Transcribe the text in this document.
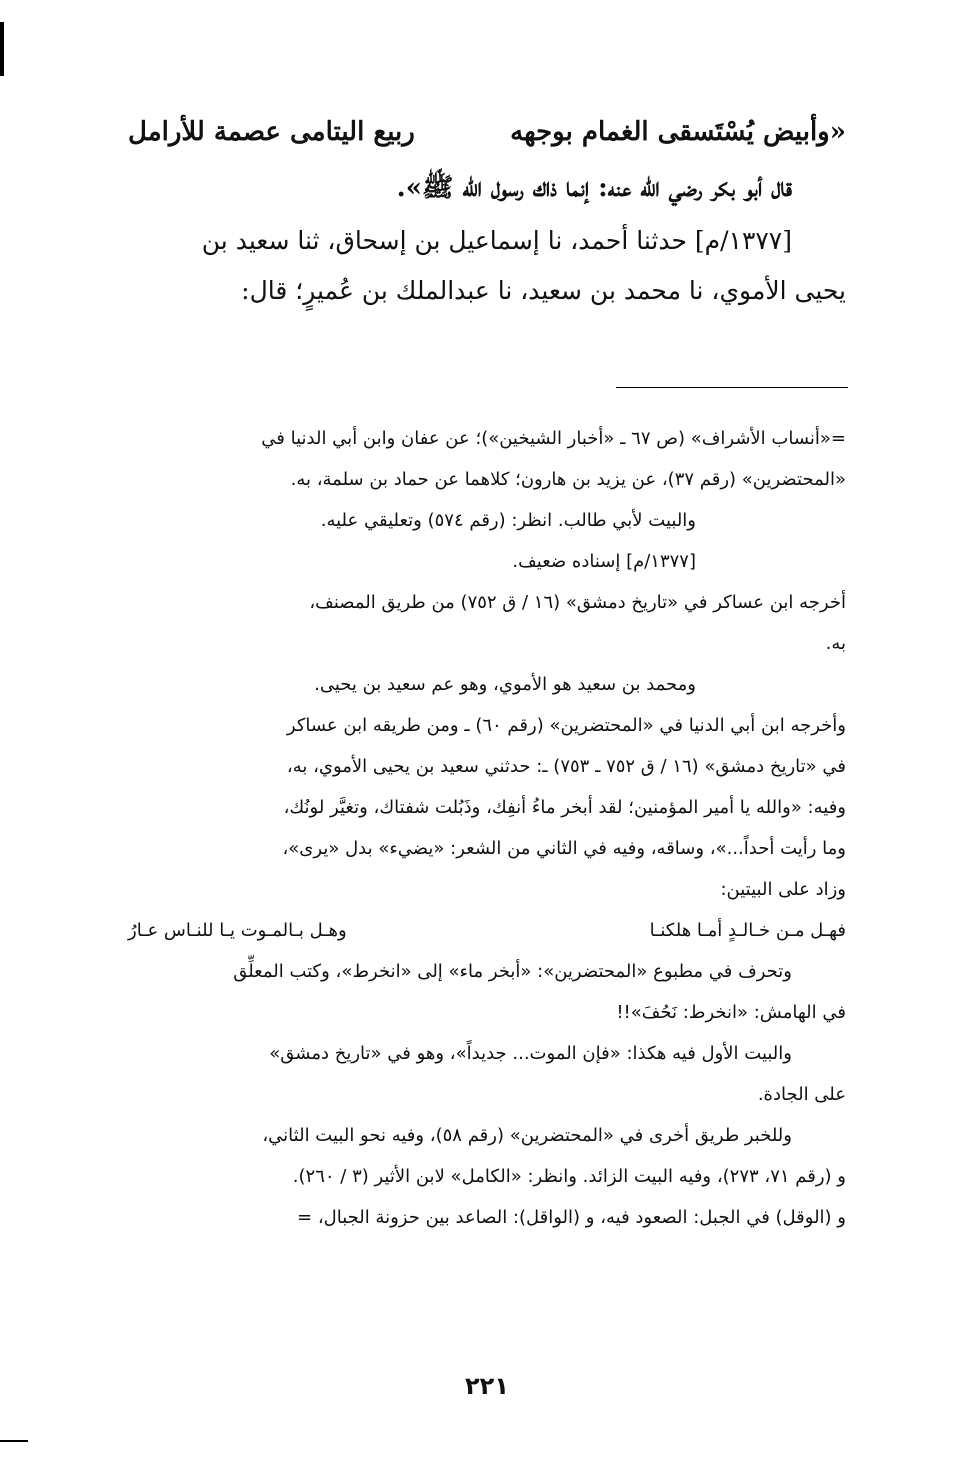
«وأبيض يُسْتَسقى الغمام بوجهه
ربيع اليتامى عصمة للأرامل

قال أبو بكر رضي الله عنه: إنما ذاك رسول الله ﷺ».

[١٣٧٧/م] حدثنا أحمد، نا إسماعيل بن إسحاق، ثنا سعيد بن

يحيى الأموي، نا محمد بن سعيد، نا عبدالملك بن عُميرٍ؛ قال:

=«أنساب الأشراف» (ص ٦٧ ـ «أخبار الشيخين»)؛ عن عفان وابن أبي الدنيا في

«المحتضرين» (رقم ٣٧)، عن يزيد بن هارون؛ كلاهما عن حماد بن سلمة، به.

والبيت لأبي طالب. انظر: (رقم ٥٧٤) وتعليقي عليه.

[١٣٧٧/م] إسناده ضعيف.

أخرجه ابن عساكر في «تاريخ دمشق» (١٦ / ق ٧٥٢) من طريق المصنف،

به.

ومحمد بن سعيد هو الأموي، وهو عم سعيد بن يحيى.

وأخرجه ابن أبي الدنيا في «المحتضرين» (رقم ٦٠) ـ ومن طريقه ابن عساكر

في «تاريخ دمشق» (١٦ / ق ٧٥٢ ـ ٧٥٣) ـ: حدثني سعيد بن يحيى الأموي، به،

وفيه: «والله يا أمير المؤمنين؛ لقد أبخر ماءُ أنفِك، وذَبُلت شفتاك، وتغيَّر لونُك،

وما رأيت أحداً...»، وساقه، وفيه في الثاني من الشعر: «يضيء» بدل «يرى»،

وزاد على البيتين:

فهـل مـن خـالـدٍ أمـا هلكنـا
وهـل بـالمـوت يـا للنـاس عـارُ

وتحرف في مطبوع «المحتضرين»: «أبخر ماء» إلى «انخرط»، وكتب المعلِّق

في الهامش: «انخرط: نَحُفَ»!!

والبيت الأول فيه هكذا: «فإن الموت... جديداً»، وهو في «تاريخ دمشق»

على الجادة.

وللخبر طريق أخرى في «المحتضرين» (رقم ٥٨)، وفيه نحو البيت الثاني،

و (رقم ٧١، ٢٧٣)، وفيه البيت الزائد. وانظر: «الكامل» لابن الأثير (٣ / ٢٦٠).

و (الوقل) في الجبل: الصعود فيه، و (الواقل): الصاعد بين حزونة الجبال، =

٢٢١
